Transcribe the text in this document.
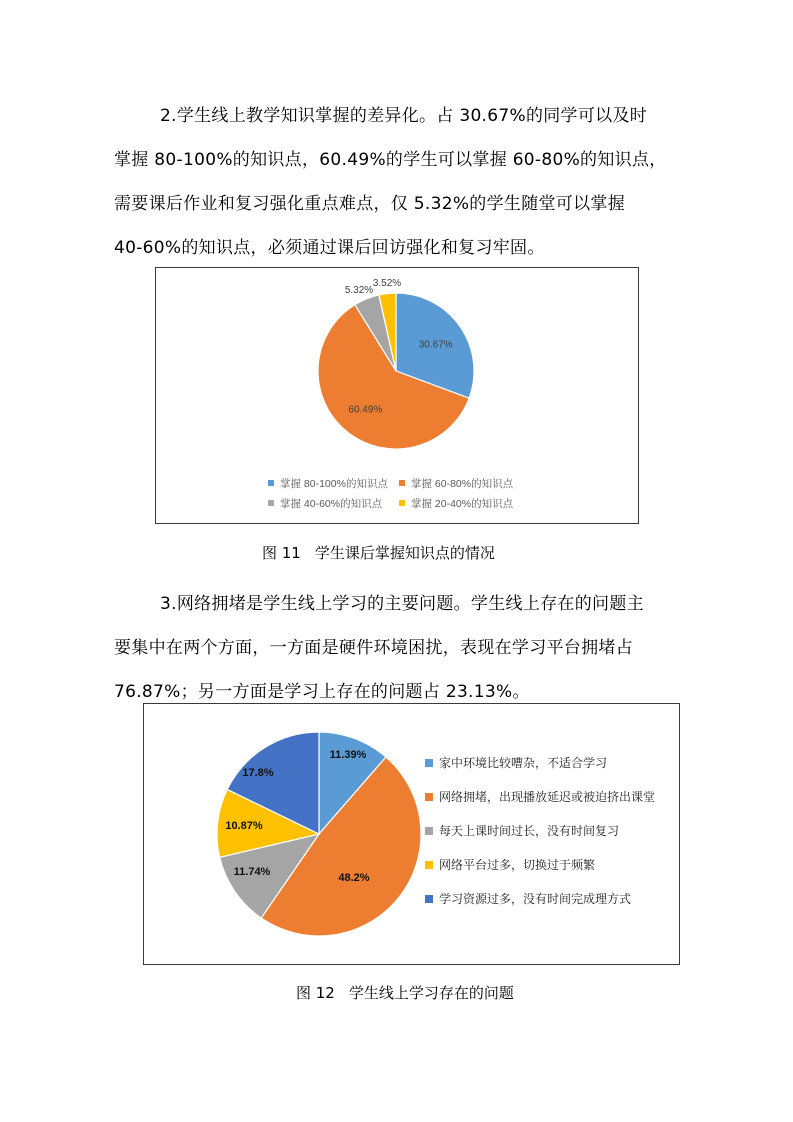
2.学生线上教学知识掌握的差异化。占 30.67%的同学可以及时
掌握 80-100%的知识点，60.49%的学生可以掌握 60-80%的知识点，
需要课后作业和复习强化重点难点，仅 5.32%的学生随堂可以掌握
40-60%的知识点，必须通过课后回访强化和复习牢固。
30.67%
60.49%
5.32%
3.52%
掌握 80-100%的知识点 掌握 60-80%的知识点
掌握 40-60%的知识点	掌握 20-40%的知识点
图 11 学生课后掌握知识点的情况
3.网络拥堵是学生线上学习的主要问题。学生线上存在的问题主
要集中在两个方面，一方面是硬件环境困扰，表现在学习平台拥堵占
76.87%；另一方面是学习上存在的问题占 23.13%。
11.39%
48.2%
11.74%
10.87%
17.8%
家中环境比较嘈杂，不适合学习
网络拥堵，出现播放延迟或被迫挤出课堂
每天上课时间过长，没有时间复习
网络平台过多，切换过于频繁
学习资源过多，没有时间完成理方式
图 12 学生线上学习存在的问题
